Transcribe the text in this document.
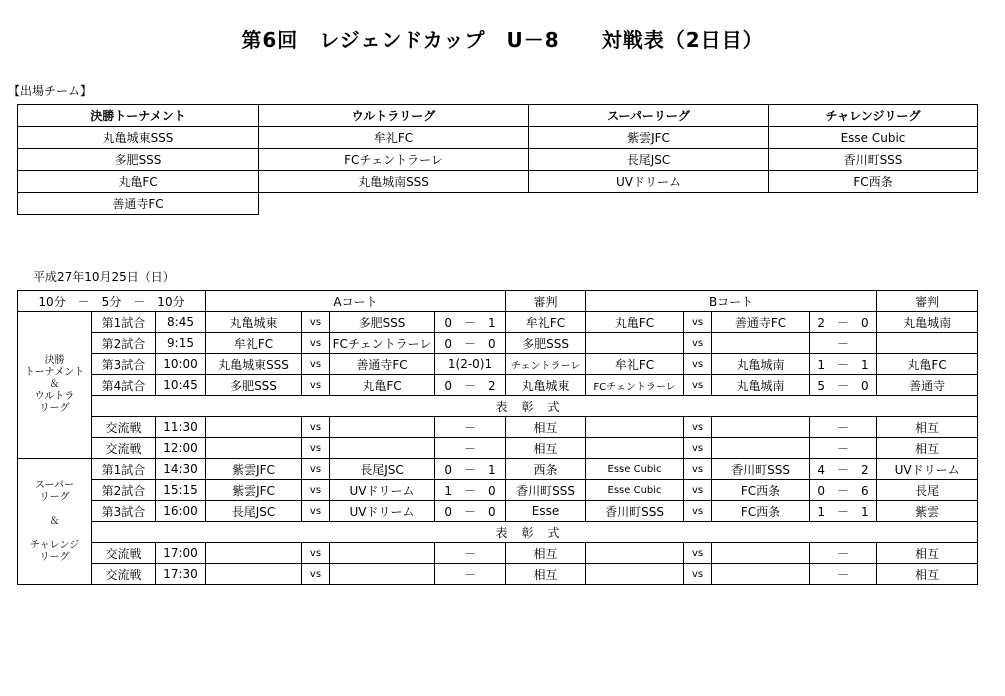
第6回　レジェンドカップ　U－8　　対戦表（2日目）
【出場チーム】
決勝トーナメント	ウルトラリーグ	スーパーリーグ	チャレンジリーグ
丸亀城東SSS	牟礼FC	紫雲JFC	Esse Cubic
多肥SSS	FCチェントラーレ	長尾JSC	香川町SSS
丸亀FC	丸亀城南SSS	UVドリーム	FC西条
善通寺FC			
平成27年10月25日（日）
10分　－　5分　－　10分			Aコート				審判	Bコート				審判
決勝
トーナメント
＆
ウルトラ
リーグ	第1試合	8:45	丸亀城東	vs	多肥SSS	0　－　1	牟礼FC	丸亀FC	vs	善通寺FC	2　－　0	丸亀城南
	第2試合	9:15	牟礼FC	vs	FCチェントラーレ	0　－　0	多肥SSS		vs		－	
	第3試合	10:00	丸亀城東SSS	vs	善通寺FC	1(2-0)1	チェントラーレ	牟礼FC	vs	丸亀城南	1　－　1	丸亀FC
	第4試合	10:45	多肥SSS	vs	丸亀FC	0　－　2	丸亀城東	FCチェントラーレ	vs	丸亀城南	5　－　0	善通寺
	表彰式											
	交流戦	11:30		vs		－	相互		vs		－	相互
	交流戦	12:00		vs		－	相互		vs		－	相互
スーパー
リーグ

＆

チャレンジ
リーグ	第1試合	14:30	紫雲JFC	vs	長尾JSC	0　－　1	西条	Esse Cubic	vs	香川町SSS	4　－　2	UVドリーム
	第2試合	15:15	紫雲JFC	vs	UVドリーム	1　－　0	香川町SSS	Esse Cubic	vs	FC西条	0　－　6	長尾
	第3試合	16:00	長尾JSC	vs	UVドリーム	0　－　0	Esse	香川町SSS	vs	FC西条	1　－　1	紫雲
	表彰式											
	交流戦	17:00		vs		－	相互		vs		－	相互
	交流戦	17:30		vs		－	相互		vs		－	相互
